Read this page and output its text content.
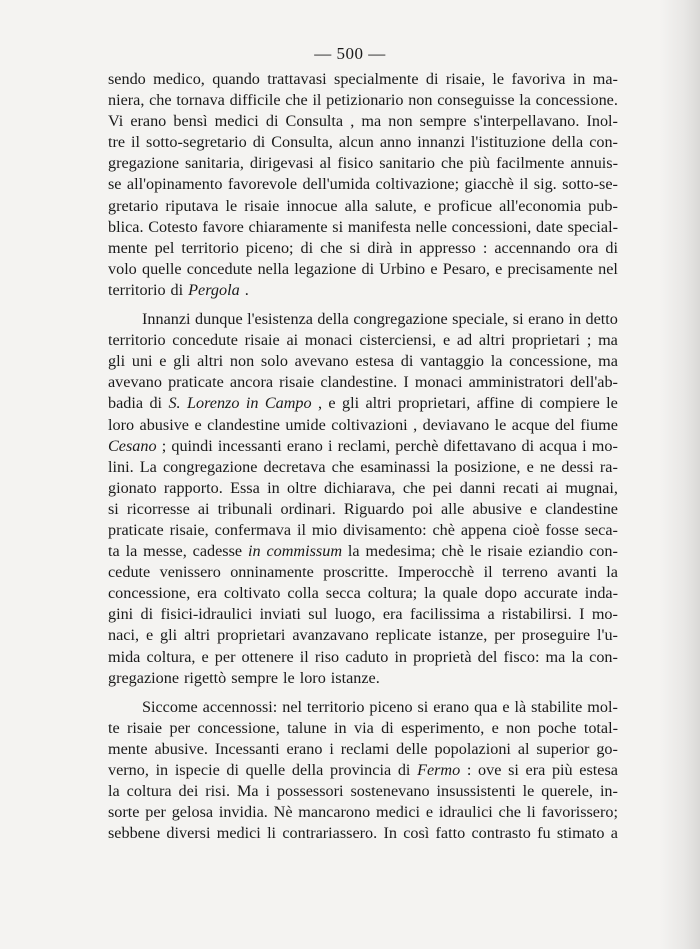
— 500 —
sendo medico, quando trattavasi specialmente di risaie, le favoriva in ma-
niera, che tornava difficile che il petizionario non conseguisse la concessione.
Vi erano bensì medici di Consulta , ma non sempre s'interpellavano. Inol-
tre il sotto-segretario di Consulta, alcun anno innanzi l'istituzione della con-
gregazione sanitaria, dirigevasi al fisico sanitario che più facilmente annuis-
se all'opinamento favorevole dell'umida coltivazione; giacchè il sig. sotto-se-
gretario riputava le risaie innocue alla salute, e proficue all'economia pub-
blica. Cotesto favore chiaramente si manifesta nelle concessioni, date special-
mente pel territorio piceno; di che si dirà in appresso : accennando ora di
volo quelle concedute nella legazione di Urbino e Pesaro, e precisamente nel
territorio di Pergola .
Innanzi dunque l'esistenza della congregazione speciale, si erano in detto
territorio concedute risaie ai monaci cisterciensi, e ad altri proprietari ; ma
gli uni e gli altri non solo avevano estesa di vantaggio la concessione, ma
avevano praticate ancora risaie clandestine. I monaci amministratori dell'ab-
badia di S. Lorenzo in Campo , e gli altri proprietari, affine di compiere le
loro abusive e clandestine umide coltivazioni , deviavano le acque del fiume
Cesano ; quindi incessanti erano i reclami, perchè difettavano di acqua i mo-
lini. La congregazione decretava che esaminassi la posizione, e ne dessi ra-
gionato rapporto. Essa in oltre dichiarava, che pei danni recati ai mugnai,
si ricorresse ai tribunali ordinari. Riguardo poi alle abusive e clandestine
praticate risaie, confermava il mio divisamento: chè appena cioè fosse seca-
ta la messe, cadesse in commissum la medesima; chè le risaie eziandio con-
cedute venissero onninamente proscritte. Imperocchè il terreno avanti la
concessione, era coltivato colla secca coltura; la quale dopo accurate inda-
gini di fisici-idraulici inviati sul luogo, era facilissima a ristabilirsi. I mo-
naci, e gli altri proprietari avanzavano replicate istanze, per proseguire l'u-
mida coltura, e per ottenere il riso caduto in proprietà del fisco: ma la con-
gregazione rigettò sempre le loro istanze.
Siccome accennossi: nel territorio piceno si erano qua e là stabilite mol-
te risaie per concessione, talune in via di esperimento, e non poche total-
mente abusive. Incessanti erano i reclami delle popolazioni al superior go-
verno, in ispecie di quelle della provincia di Fermo : ove si era più estesa
la coltura dei risi. Ma i possessori sostenevano insussistenti le querele, in-
sorte per gelosa invidia. Nè mancarono medici e idraulici che li favorissero;
sebbene diversi medici li contrariassero. In così fatto contrasto fu stimato a
